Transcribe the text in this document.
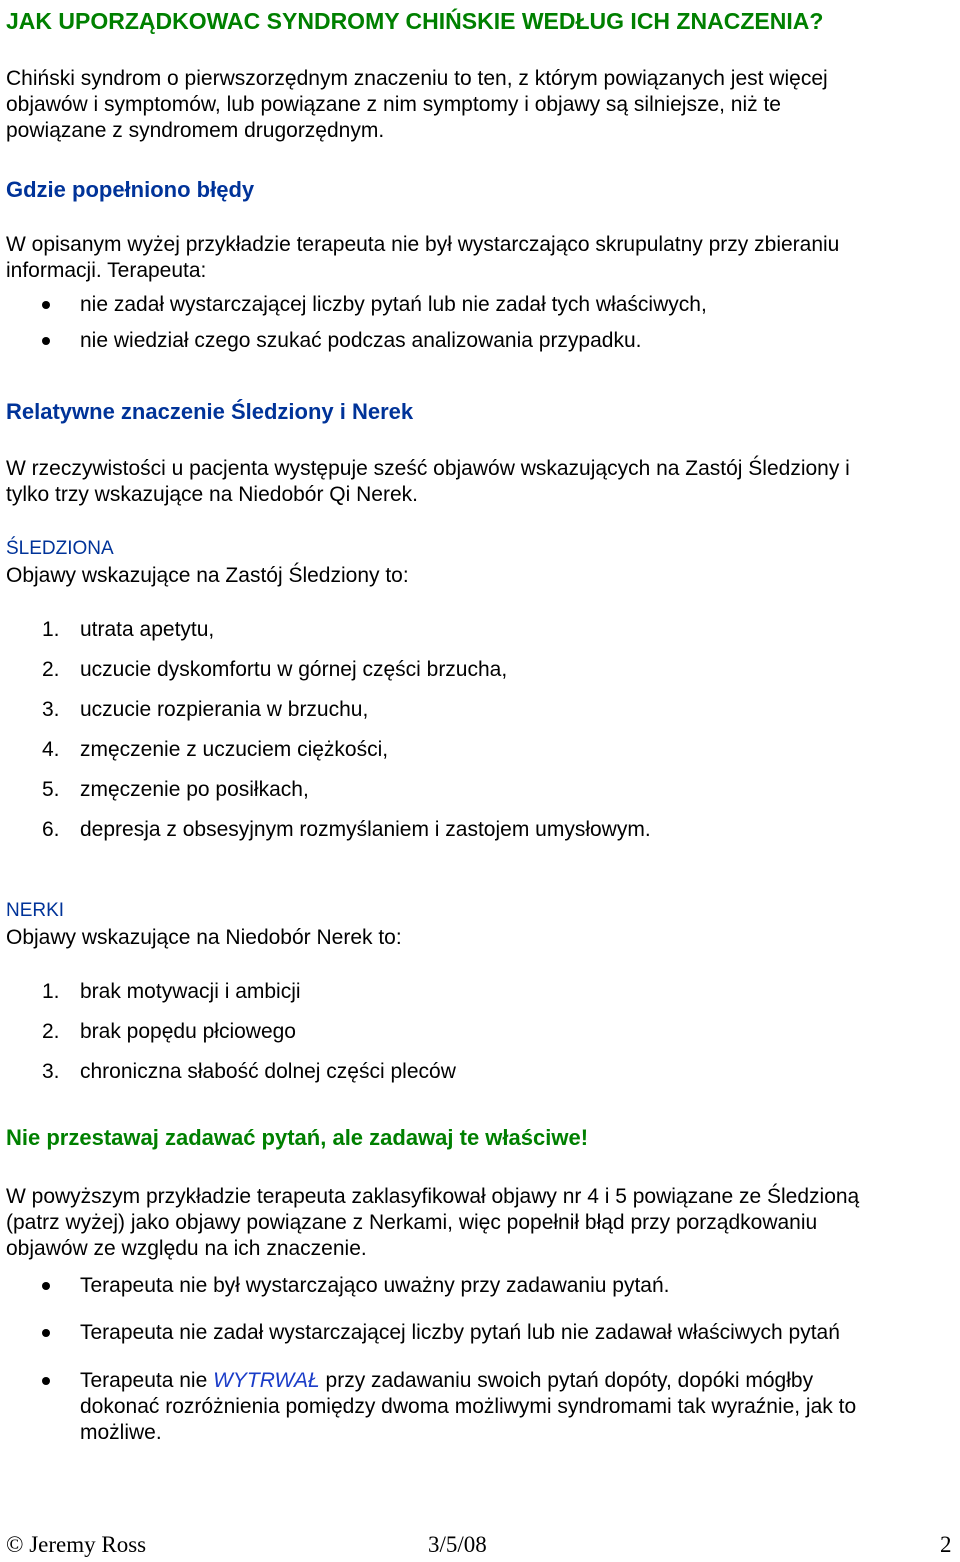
JAK UPORZĄDKOWAC SYNDROMY CHIŃSKIE WEDŁUG ICH ZNACZENIA?
Chiński syndrom o pierwszorzędnym znaczeniu to ten, z którym powiązanych jest więcej
objawów i symptomów, lub powiązane z nim symptomy i objawy są silniejsze, niż te
powiązane z syndromem drugorzędnym.
Gdzie popełniono błędy
W opisanym wyżej przykładzie terapeuta nie był wystarczająco skrupulatny przy zbieraniu
informacji. Terapeuta:
nie zadał wystarczającej liczby pytań lub nie zadał tych właściwych,
nie wiedział czego szukać podczas analizowania przypadku.
Relatywne znaczenie Śledziony i Nerek
W rzeczywistości u pacjenta występuje sześć objawów wskazujących na Zastój Śledziony i
tylko trzy wskazujące na Niedobór Qi Nerek.
ŚLEDZIONA
Objawy wskazujące na Zastój Śledziony to:
1. utrata apetytu,
2. uczucie dyskomfortu w górnej części brzucha,
3. uczucie rozpierania w brzuchu,
4. zmęczenie z uczuciem ciężkości,
5. zmęczenie po posiłkach,
6. depresja z obsesyjnym rozmyślaniem i zastojem umysłowym.
NERKI
Objawy wskazujące na Niedobór Nerek to:
1. brak motywacji i ambicji
2. brak popędu płciowego
3. chroniczna słabość dolnej części pleców
Nie przestawaj zadawać pytań, ale zadawaj te właściwe!
W powyższym przykładzie terapeuta zaklasyfikował objawy nr 4 i 5 powiązane ze Śledzioną
(patrz wyżej) jako objawy powiązane z Nerkami, więc popełnił błąd przy porządkowaniu
objawów ze względu na ich znaczenie.
Terapeuta nie był wystarczająco uważny przy zadawaniu pytań.
Terapeuta nie zadał wystarczającej liczby pytań lub nie zadawał właściwych pytań
Terapeuta nie WYTRWAŁ przy zadawaniu swoich pytań dopóty, dopóki mógłby
dokonać rozróżnienia pomiędzy dwoma możliwymi syndromami tak wyraźnie, jak to
możliwe.
© Jeremy Ross	3/5/08	2
